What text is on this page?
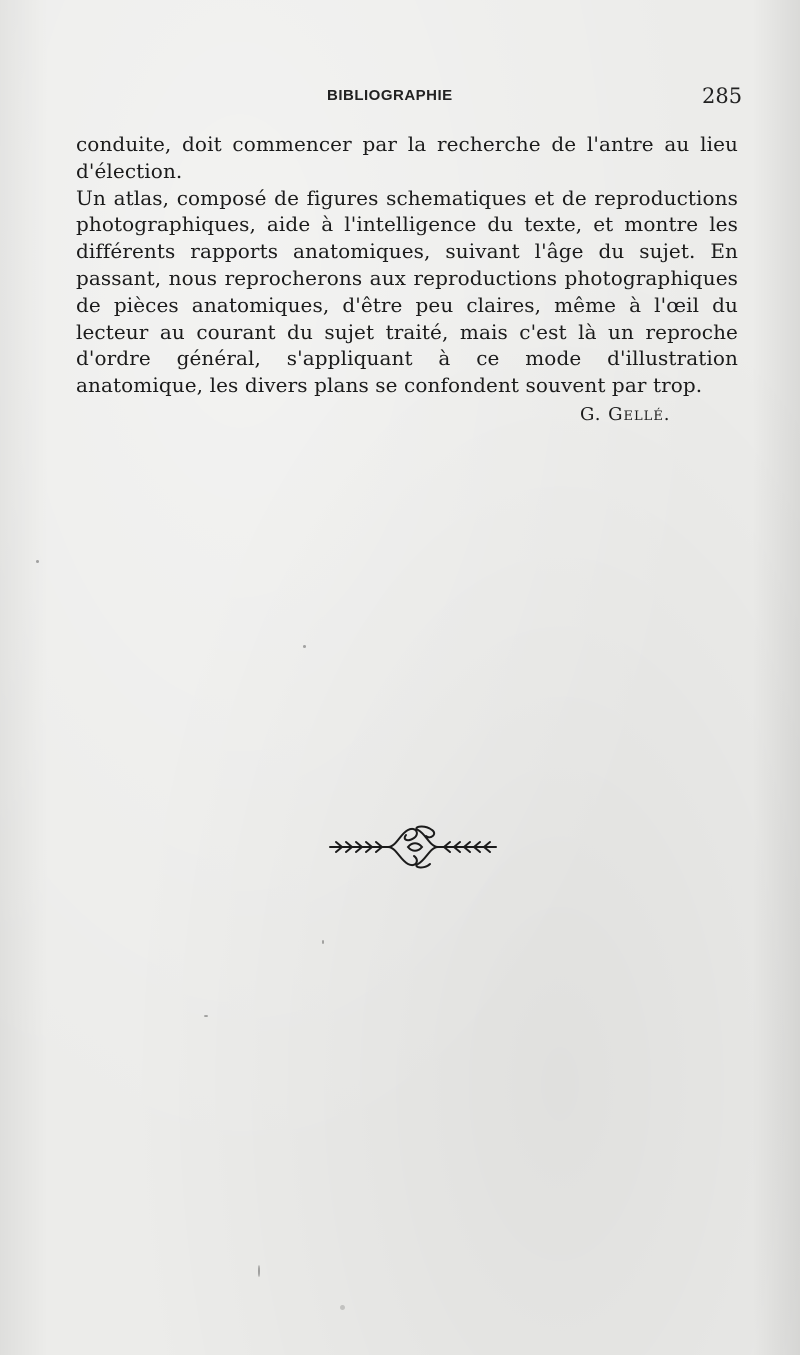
BIBLIOGRAPHIE	285

conduite, doit commencer par la recherche de l'antre au lieu d'élection.

Un atlas, composé de figures schematiques et de reproductions photographiques, aide à l'intelligence du texte, et montre les différents rapports anatomiques, suivant l'âge du sujet. En passant, nous reprocherons aux reproductions photographiques de pièces anatomiques, d'être peu claires, même à l'œil du lecteur au courant du sujet traité, mais c'est là un reproche d'ordre général, s'appliquant à ce mode d'illustration anatomique, les divers plans se confondent souvent par trop.

G. Gellé.
